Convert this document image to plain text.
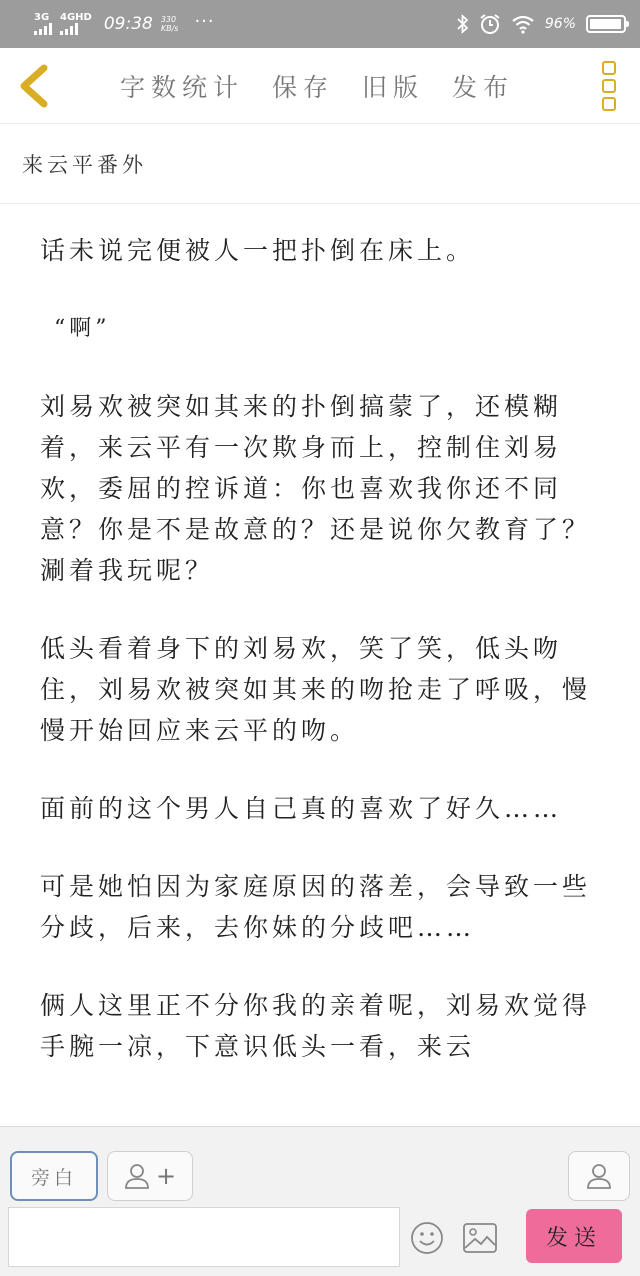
3G 4GHD 09:38 330
KB/s ···	96%
字数统计 保存 旧版 发布
来云平番外

话未说完便被人一把扑倒在床上。

“啊”

刘易欢被突如其来的扑倒搞蒙了，还模糊着，来云平有一次欺身而上，控制住刘易欢，委屈的控诉道：你也喜欢我你还不同意？你是不是故意的？还是说你欠教育了？涮着我玩呢？

低头看着身下的刘易欢，笑了笑，低头吻住，刘易欢被突如其来的吻抢走了呼吸，慢慢开始回应来云平的吻。

面前的这个男人自己真的喜欢了好久……

可是她怕因为家庭原因的落差，会导致一些分歧，后来，去你妹的分歧吧……

俩人这里正不分你我的亲着呢，刘易欢觉得手腕一凉，下意识低头一看，来云

旁白	+
发送
